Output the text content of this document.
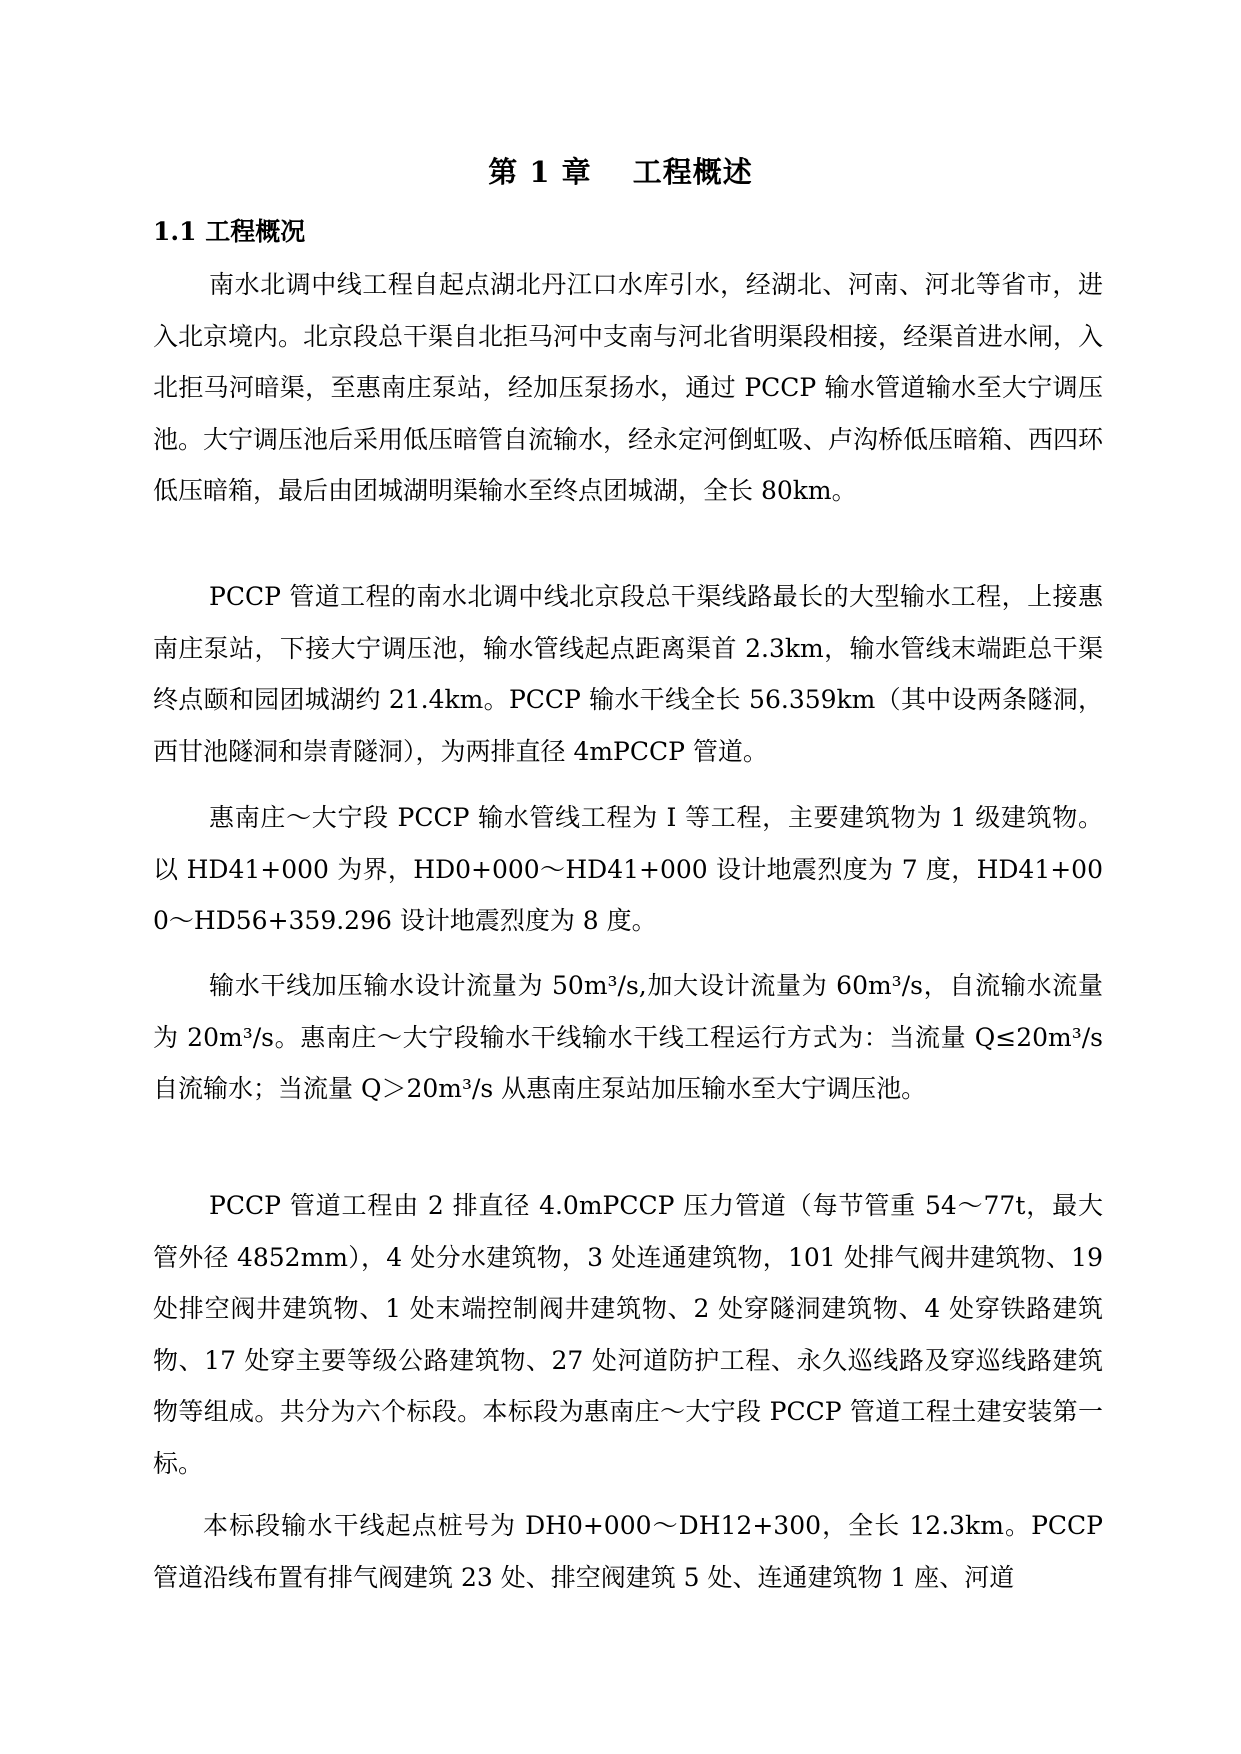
第 1 章　 工程概述
1.1 工程概况

南水北调中线工程自起点湖北丹江口水库引水，经湖北、河南、河北等省市，进入北京境内。北京段总干渠自北拒马河中支南与河北省明渠段相接，经渠首进水闸，入北拒马河暗渠，至惠南庄泵站，经加压泵扬水，通过 PCCP 输水管道输水至大宁调压池。大宁调压池后采用低压暗管自流输水，经永定河倒虹吸、卢沟桥低压暗箱、西四环低压暗箱，最后由团城湖明渠输水至终点团城湖，全长 80km。

PCCP 管道工程的南水北调中线北京段总干渠线路最长的大型输水工程，上接惠南庄泵站，下接大宁调压池，输水管线起点距离渠首 2.3km，输水管线末端距总干渠终点颐和园团城湖约 21.4km。PCCP 输水干线全长 56.359km（其中设两条隧洞，西甘池隧洞和崇青隧洞），为两排直径 4mPCCP 管道。

惠南庄～大宁段 PCCP 输水管线工程为 I 等工程，主要建筑物为 1 级建筑物。以 HD41+000 为界，HD0+000～HD41+000 设计地震烈度为 7 度，HD41+000～HD56+359.296 设计地震烈度为 8 度。

输水干线加压输水设计流量为 50m³/s,加大设计流量为 60m³/s，自流输水流量为 20m³/s。惠南庄～大宁段输水干线输水干线工程运行方式为：当流量 Q≤20m³/s 自流输水；当流量 Q＞20m³/s 从惠南庄泵站加压输水至大宁调压池。

PCCP 管道工程由 2 排直径 4.0mPCCP 压力管道（每节管重 54～77t，最大管外径 4852mm），4 处分水建筑物，3 处连通建筑物，101 处排气阀井建筑物、19 处排空阀井建筑物、1 处末端控制阀井建筑物、2 处穿隧洞建筑物、4 处穿铁路建筑物、17 处穿主要等级公路建筑物、27 处河道防护工程、永久巡线路及穿巡线路建筑物等组成。共分为六个标段。本标段为惠南庄～大宁段 PCCP 管道工程土建安装第一标。

本标段输水干线起点桩号为 DH0+000～DH12+300，全长 12.3km。PCCP 管道沿线布置有排气阀建筑 23 处、排空阀建筑 5 处、连通建筑物 1 座、河道
